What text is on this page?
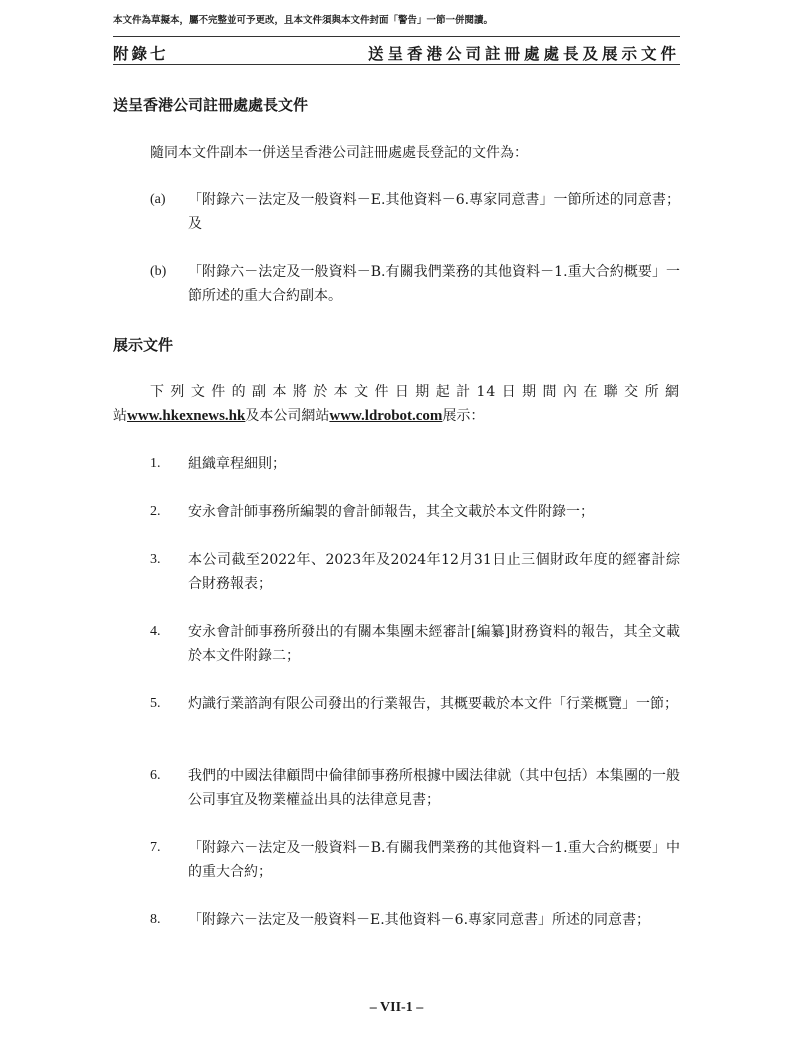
本文件為草擬本，屬不完整並可予更改，且本文件須與本文件封面「警告」一節一併閱讀。
附錄七	送呈香港公司註冊處處長及展示文件
送呈香港公司註冊處處長文件
隨同本文件副本一併送呈香港公司註冊處處長登記的文件為：
(a)	「附錄六－法定及一般資料－E.其他資料－6.專家同意書」一節所述的同意書；及
(b)	「附錄六－法定及一般資料－B.有關我們業務的其他資料－1.重大合約概要」一節所述的重大合約副本。
展示文件
下列文件的副本將於本文件日期起計14日期間內在聯交所網
站www.hkexnews.hk及本公司網站www.ldrobot.com展示：
1.	組織章程細則；
2.	安永會計師事務所編製的會計師報告，其全文載於本文件附錄一；
3.	本公司截至2022年、2023年及2024年12月31日止三個財政年度的經審計綜合財務報表；
4.	安永會計師事務所發出的有關本集團未經審計[編纂]財務資料的報告，其全文載於本文件附錄二；
5.	灼識行業諮詢有限公司發出的行業報告，其概要載於本文件「行業概覽」一節；
6.	我們的中國法律顧問中倫律師事務所根據中國法律就（其中包括）本集團的一般公司事宜及物業權益出具的法律意見書；
7.	「附錄六－法定及一般資料－B.有關我們業務的其他資料－1.重大合約概要」中的重大合約；
8.	「附錄六－法定及一般資料－E.其他資料－6.專家同意書」所述的同意書；
– VII-1 –
